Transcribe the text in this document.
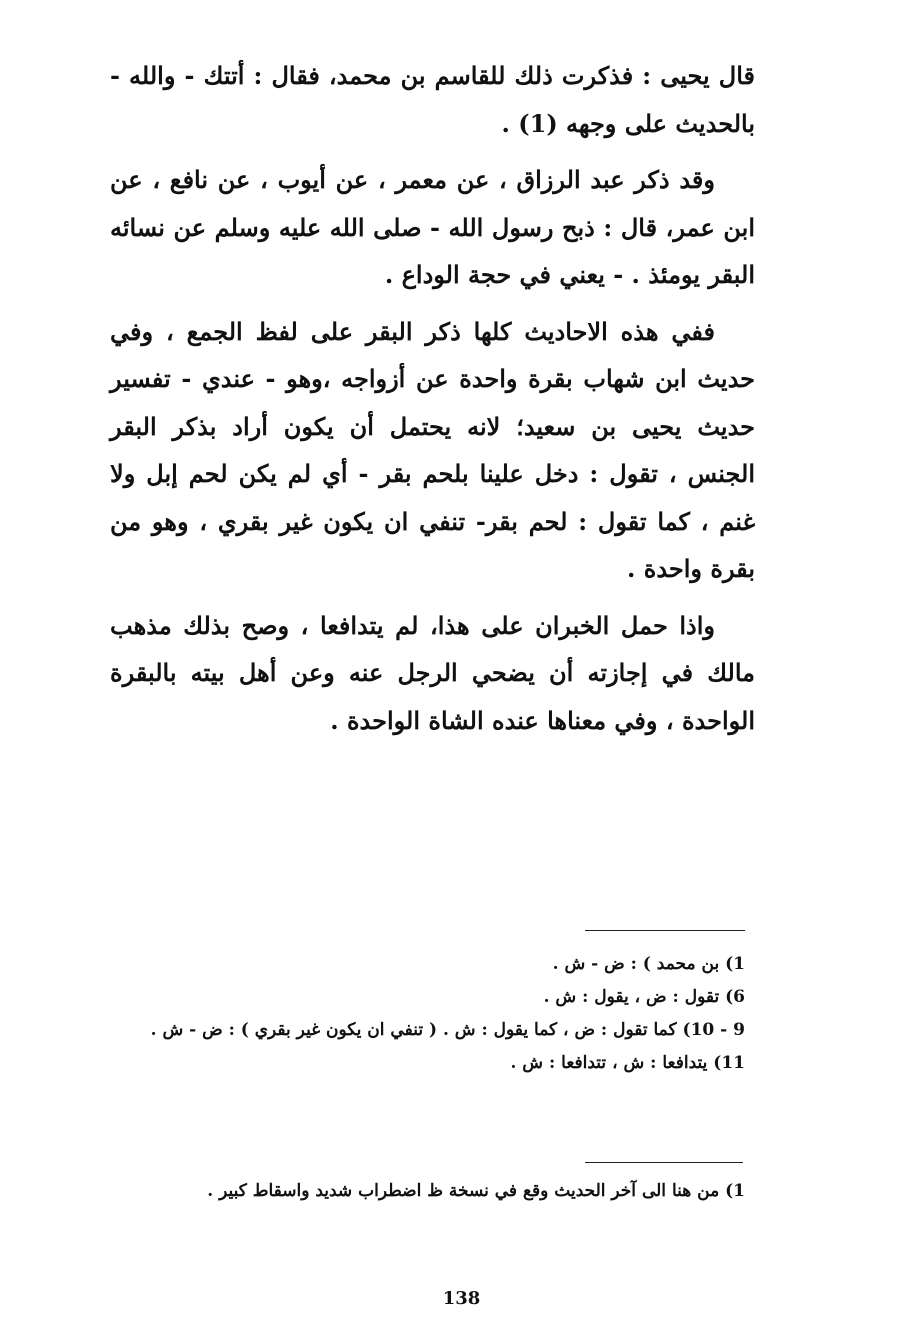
قال يحيى : فذكرت ذلك للقاسم بن محمد، فقال : أتتك - والله - بالحديث على وجهه (1) .

وقد ذكر عبد الرزاق ، عن معمر ، عن أيوب ، عن نافع ، عن ابن عمر، قال : ذبح رسول الله - صلى الله عليه وسلم عن نسائه البقر يومئذ . - يعني في حجة الوداع .

ففي هذه الاحاديث كلها ذكر البقر على لفظ الجمع ، وفي حديث ابن شهاب بقرة واحدة عن أزواجه ،وهو - عندي - تفسير حديث يحيى بن سعيد؛ لانه يحتمل أن يكون أراد بذكر البقر الجنس ، تقول : دخل علينا بلحم بقر - أي لم يكن لحم إبل ولا غنم ، كما تقول : لحم بقر- تنفي ان يكون غير بقري ، وهو من بقرة واحدة .

واذا حمل الخبران على هذا، لم يتدافعا ، وصح بذلك مذهب مالك في إجازته أن يضحي الرجل عنه وعن أهل بيته بالبقرة الواحدة ، وفي معناها عنده الشاة الواحدة .

1) بن محمد ) : ض - ش .

6) تقول : ض ، يقول : ش .

9 - 10) كما تقول : ض ، كما يقول : ش . ( تنفي ان يكون غير بقري ) : ض - ش .

11) يتدافعا : ش ، تتدافعا : ش .

1) من هنا الى آخر الحديث وقع في نسخة ظ اضطراب شديد واسقاط كبير .

138
